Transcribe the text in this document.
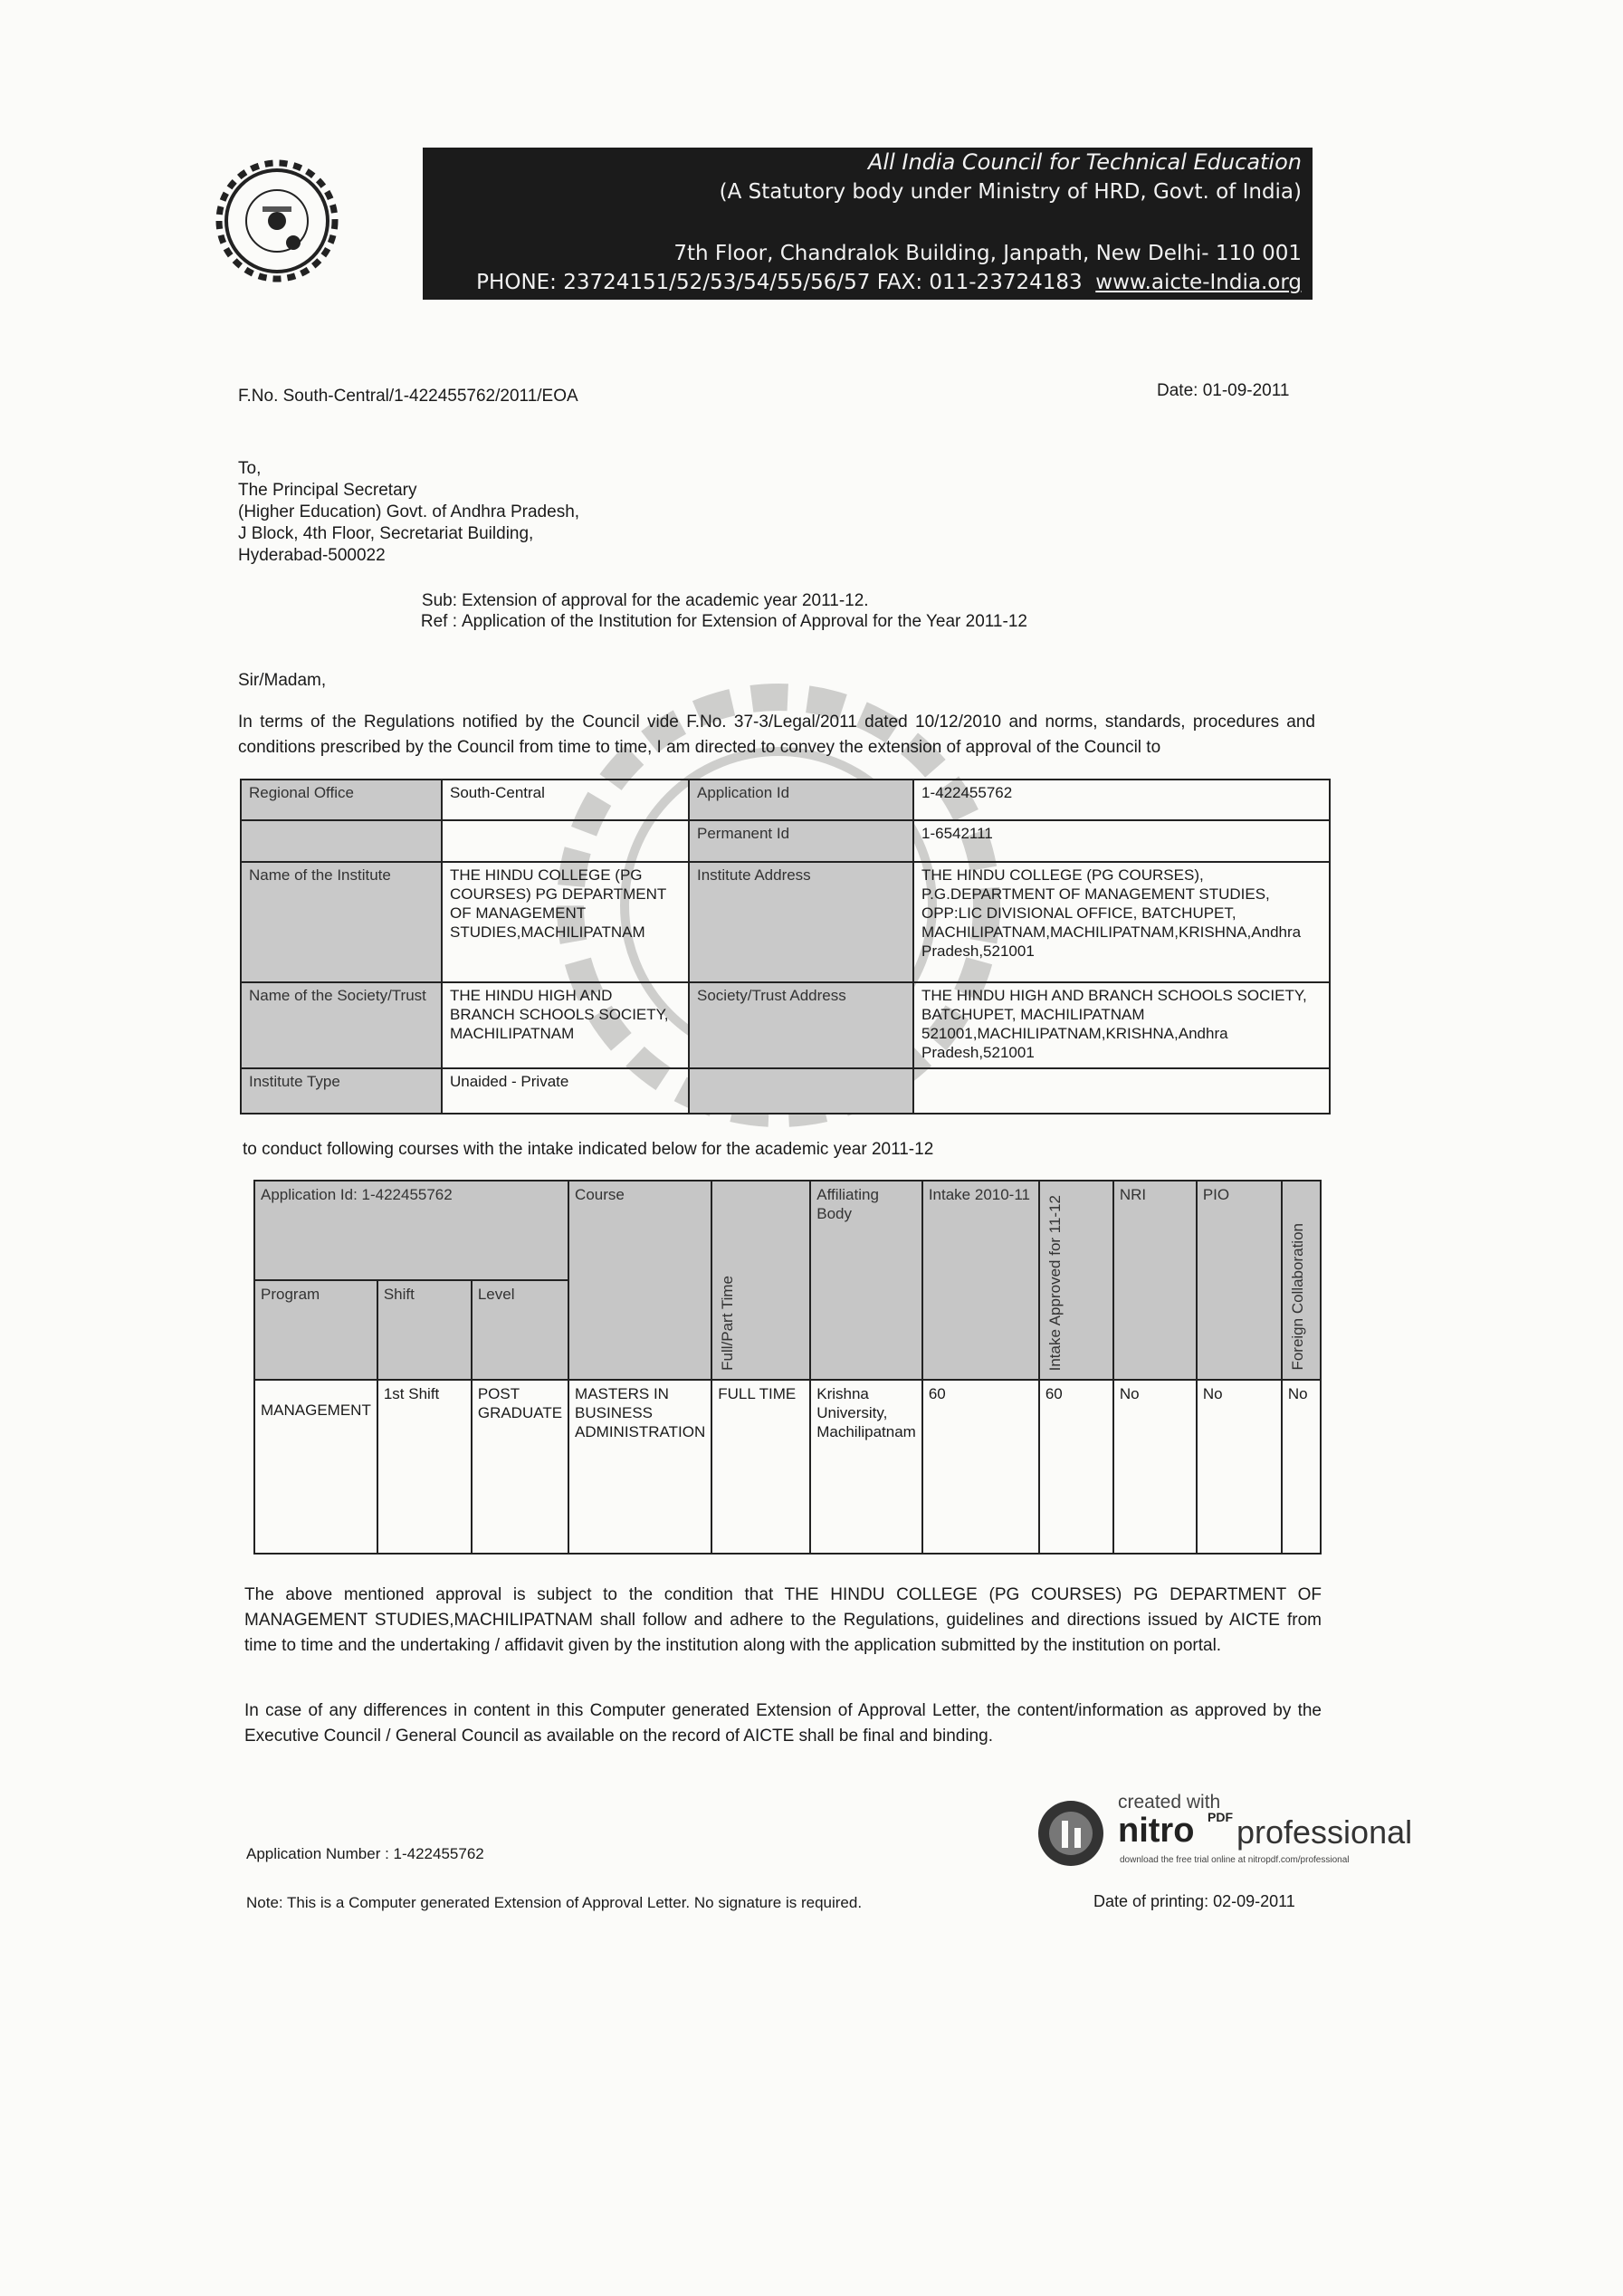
All India Council for Technical Education
(A Statutory body under Ministry of HRD, Govt. of India)
7th Floor, Chandralok Building, Janpath, New Delhi- 110 001
PHONE: 23724151/52/53/54/55/56/57 FAX: 011-23724183 www.aicte-India.org
F.No. South-Central/1-422455762/2011/EOA	Date: 01-09-2011
To,
The Principal Secretary
(Higher Education) Govt. of Andhra Pradesh,
J Block, 4th Floor, Secretariat Building,
Hyderabad-500022
Sub: Extension of approval for the academic year 2011-12.
Ref : Application of the Institution for Extension of Approval for the Year 2011-12
Sir/Madam,
In terms of the Regulations notified by the Council vide F.No. 37-3/Legal/2011 dated 10/12/2010 and norms, standards, procedures and conditions prescribed by the Council from time to time, I am directed to convey the extension of approval of the Council to
Regional Office	South-Central	Application Id	1-422455762
		Permanent Id	1-6542111
Name of the Institute	THE HINDU COLLEGE (PG COURSES) PG DEPARTMENT OF MANAGEMENT STUDIES,MACHILIPATNAM	Institute Address	THE HINDU COLLEGE (PG COURSES), P.G.DEPARTMENT OF MANAGEMENT STUDIES, OPP:LIC DIVISIONAL OFFICE, BATCHUPET, MACHILIPATNAM,MACHILIPATNAM,KRISHNA,Andhra Pradesh,521001
Name of the Society/Trust	THE HINDU HIGH AND BRANCH SCHOOLS SOCIETY, MACHILIPATNAM	Society/Trust Address	THE HINDU HIGH AND BRANCH SCHOOLS SOCIETY, BATCHUPET, MACHILIPATNAM 521001,MACHILIPATNAM,KRISHNA,Andhra Pradesh,521001
Institute Type	Unaided - Private		
to conduct following courses with the intake indicated below for the academic year 2011-12
Application Id: 1-422455762			Course	Full/Part Time	Affiliating Body	Intake 2010-11	Intake Approved for 11-12	NRI	PIO	Foreign Collaboration
Program	Shift	Level								
MANAGEMENT	1st Shift	POST GRADUATE	MASTERS IN BUSINESS ADMINISTRATION	FULL TIME	Krishna University, Machilipatnam	60	60	No	No	No
The above mentioned approval is subject to the condition that THE HINDU COLLEGE (PG COURSES) PG DEPARTMENT OF MANAGEMENT STUDIES,MACHILIPATNAM shall follow and adhere to the Regulations, guidelines and directions issued by AICTE from time to time and the undertaking / affidavit given by the institution along with the application submitted by the institution on portal.
In case of any differences in content in this Computer generated Extension of Approval Letter, the content/information as approved by the Executive Council / General Council as available on the record of AICTE shall be final and binding.
created with
nitro PDF professional
download the free trial online at nitropdf.com/professional
Application Number : 1-422455762
Note: This is a Computer generated Extension of Approval Letter. No signature is required.	Date of printing: 02-09-2011
